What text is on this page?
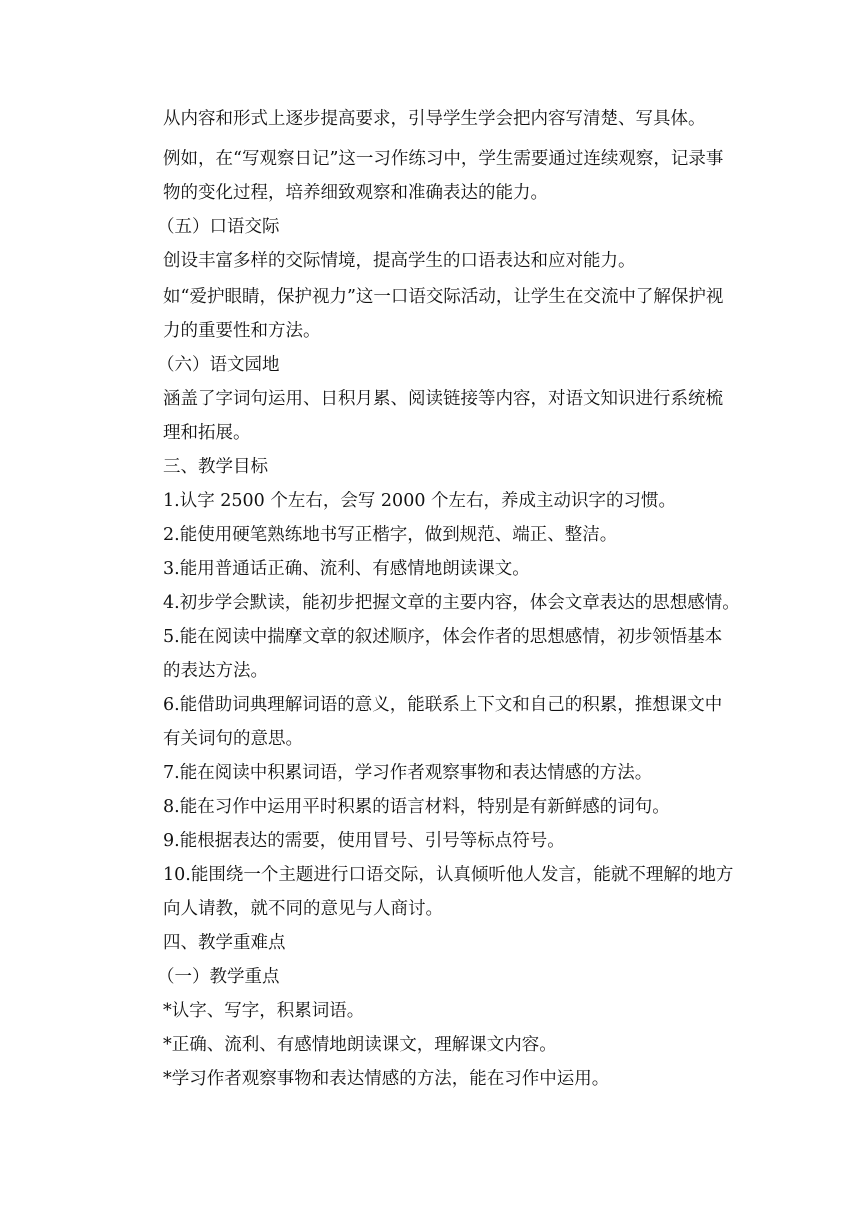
从内容和形式上逐步提高要求，引导学生学会把内容写清楚、写具体。
例如，在“写观察日记”这一习作练习中，学生需要通过连续观察，记录事物的变化过程，培养细致观察和准确表达的能力。
（五）口语交际
创设丰富多样的交际情境，提高学生的口语表达和应对能力。
如“爱护眼睛，保护视力”这一口语交际活动，让学生在交流中了解保护视力的重要性和方法。
（六）语文园地
涵盖了字词句运用、日积月累、阅读链接等内容，对语文知识进行系统梳理和拓展。
三、教学目标
1.认字 2500 个左右，会写 2000 个左右，养成主动识字的习惯。
2.能使用硬笔熟练地书写正楷字，做到规范、端正、整洁。
3.能用普通话正确、流利、有感情地朗读课文。
4.初步学会默读，能初步把握文章的主要内容，体会文章表达的思想感情。
5.能在阅读中揣摩文章的叙述顺序，体会作者的思想感情，初步领悟基本的表达方法。
6.能借助词典理解词语的意义，能联系上下文和自己的积累，推想课文中有关词句的意思。
7.能在阅读中积累词语，学习作者观察事物和表达情感的方法。
8.能在习作中运用平时积累的语言材料，特别是有新鲜感的词句。
9.能根据表达的需要，使用冒号、引号等标点符号。
10.能围绕一个主题进行口语交际，认真倾听他人发言，能就不理解的地方向人请教，就不同的意见与人商讨。
四、教学重难点
（一）教学重点
*认字、写字，积累词语。
*正确、流利、有感情地朗读课文，理解课文内容。
*学习作者观察事物和表达情感的方法，能在习作中运用。
